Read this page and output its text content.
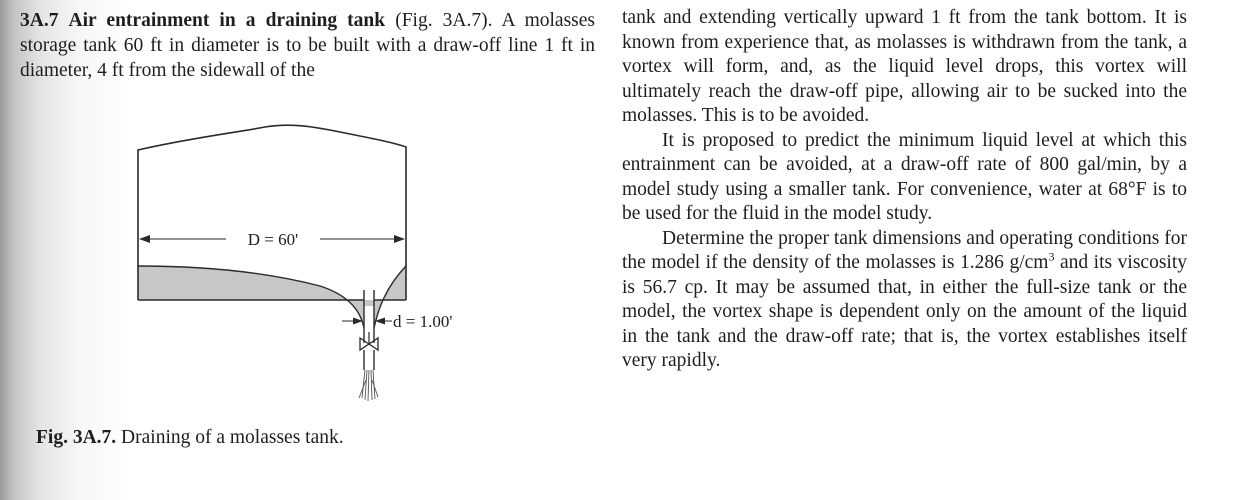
3A.7 Air entrainment in a draining tank (Fig. 3A.7). A molasses storage tank 60 ft in diameter is to be built with a draw-off line 1 ft in diameter, 4 ft from the sidewall of the

tank and extending vertically upward 1 ft from the tank bottom. It is known from experience that, as molasses is withdrawn from the tank, a vortex will form, and, as the liquid level drops, this vortex will ultimately reach the draw-off pipe, allowing air to be sucked into the molasses. This is to be avoided.

It is proposed to predict the minimum liquid level at which this entrainment can be avoided, at a draw-off rate of 800 gal/min, by a model study using a smaller tank. For convenience, water at 68°F is to be used for the fluid in the model study.

Determine the proper tank dimensions and operating conditions for the model if the density of the molasses is 1.286 $g/cm^3$ and its viscosity is 56.7 cp. It may be assumed that, in either the full-size tank or the model, the vortex shape is dependent only on the amount of the liquid in the tank and the draw-off rate; that is, the vortex establishes itself very rapidly.

D = 60'
d = 1.00'
Fig. 3A.7. Draining of a molasses tank.
